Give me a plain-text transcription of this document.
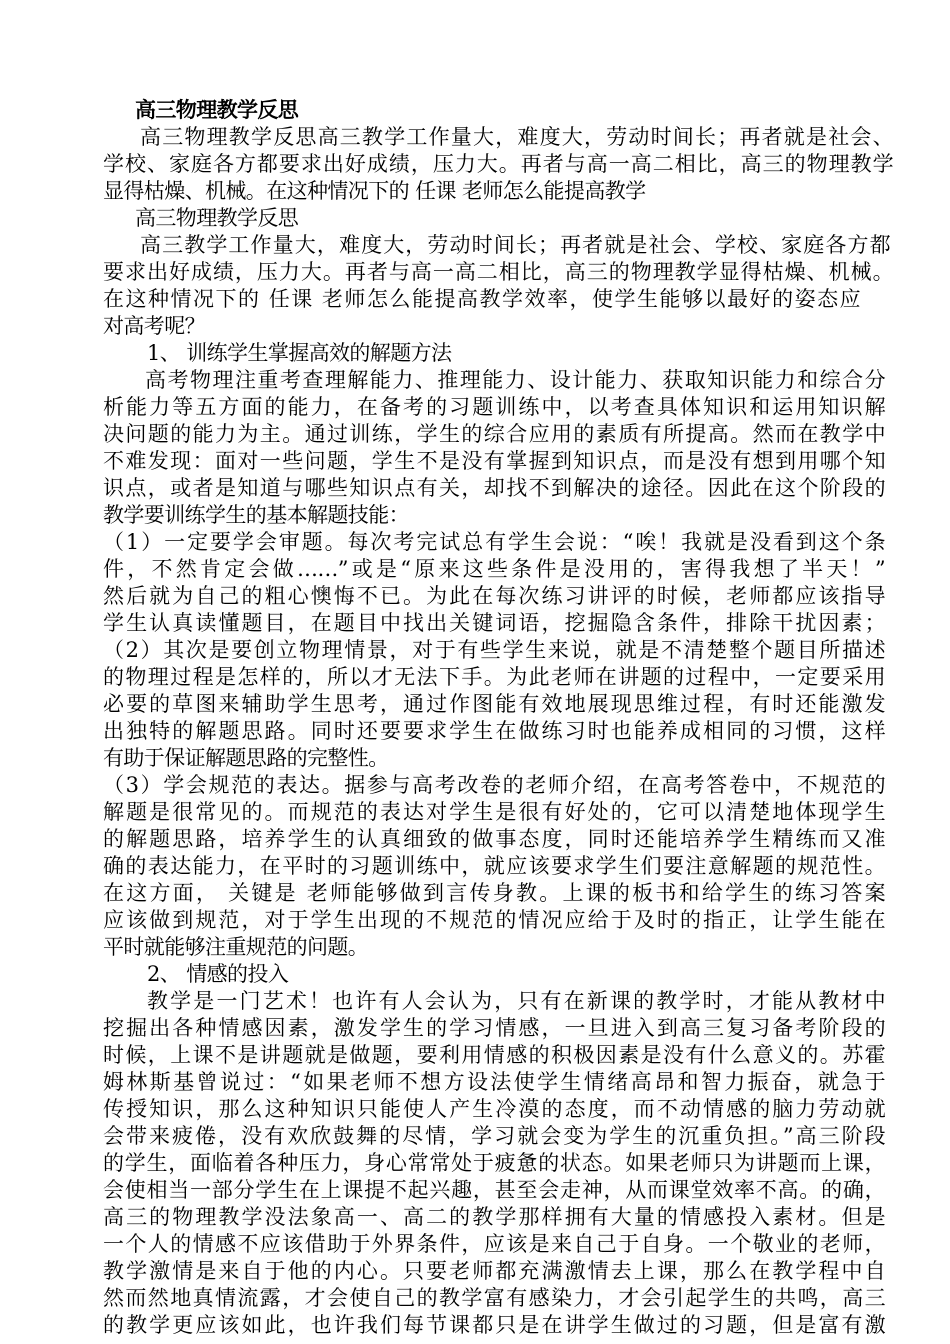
高三物理教学反思
高三物理教学反思高三教学工作量大，难度大，劳动时间长；再者就是社会、
学校、家庭各方都要求出好成绩，压力大。再者与高一高二相比，高三的物理教学
显得枯燥、机械。在这种情况下的 任课 老师怎么能提高教学
高三物理教学反思
高三教学工作量大，难度大，劳动时间长；再者就是社会、学校、家庭各方都
要求出好成绩，压力大。再者与高一高二相比，高三的物理教学显得枯燥、机械。
在这种情况下的 任课 老师怎么能提高教学效率，使学生能够以最好的姿态应
对高考呢？
1、 训练学生掌握高效的解题方法
高考物理注重考查理解能力、推理能力、设计能力、获取知识能力和综合分
析能力等五方面的能力，在备考的习题训练中，以考查具体知识和运用知识解
决问题的能力为主。通过训练，学生的综合应用的素质有所提高。然而在教学中
不难发现：面对一些问题，学生不是没有掌握到知识点，而是没有想到用哪个知
识点，或者是知道与哪些知识点有关，却找不到解决的途径。因此在这个阶段的
教学要训练学生的基本解题技能：
（1）一定要学会审题。每次考完试总有学生会说：“唉！我就是没看到这个条
件，不然肯定会做……”或是“原来这些条件是没用的，害得我想了半天！”
然后就为自己的粗心懊悔不已。为此在每次练习讲评的时候，老师都应该指导
学生认真读懂题目，在题目中找出关键词语，挖掘隐含条件，排除干扰因素；
（2）其次是要创立物理情景，对于有些学生来说，就是不清楚整个题目所描述
的物理过程是怎样的，所以才无法下手。为此老师在讲题的过程中，一定要采用
必要的草图来辅助学生思考，通过作图能有效地展现思维过程，有时还能激发
出独特的解题思路。同时还要要求学生在做练习时也能养成相同的习惯，这样
有助于保证解题思路的完整性。
（3）学会规范的表达。据参与高考改卷的老师介绍，在高考答卷中，不规范的
解题是很常见的。而规范的表达对学生是很有好处的，它可以清楚地体现学生
的解题思路，培养学生的认真细致的做事态度，同时还能培养学生精练而又准
确的表达能力，在平时的习题训练中，就应该要求学生们要注意解题的规范性。
在这方面， 关键是 老师能够做到言传身教。上课的板书和给学生的练习答案
应该做到规范，对于学生出现的不规范的情况应给于及时的指正，让学生能在
平时就能够注重规范的问题。
2、 情感的投入
教学是一门艺术！也许有人会认为，只有在新课的教学时，才能从教材中
挖掘出各种情感因素，激发学生的学习情感，一旦进入到高三复习备考阶段的
时候，上课不是讲题就是做题，要利用情感的积极因素是没有什么意义的。苏霍
姆林斯基曾说过：“如果老师不想方设法使学生情绪高昂和智力振奋，就急于
传授知识，那么这种知识只能使人产生冷漠的态度，而不动情感的脑力劳动就
会带来疲倦，没有欢欣鼓舞的尽情，学习就会变为学生的沉重负担。”高三阶段
的学生，面临着各种压力，身心常常处于疲惫的状态。如果老师只为讲题而上课，
会使相当一部分学生在上课提不起兴趣，甚至会走神，从而课堂效率不高。的确，
高三的物理教学没法象高一、高二的教学那样拥有大量的情感投入素材。但是
一个人的情感不应该借助于外界条件，应该是来自己于自身。一个敬业的老师，
教学激情是来自于他的内心。只要老师都充满激情去上课，那么在教学程中自
然而然地真情流露，才会使自己的教学富有感染力，才会引起学生的共鸣，高三
的教学更应该如此，也许我们每节课都只是在讲学生做过的习题，但是富有激
